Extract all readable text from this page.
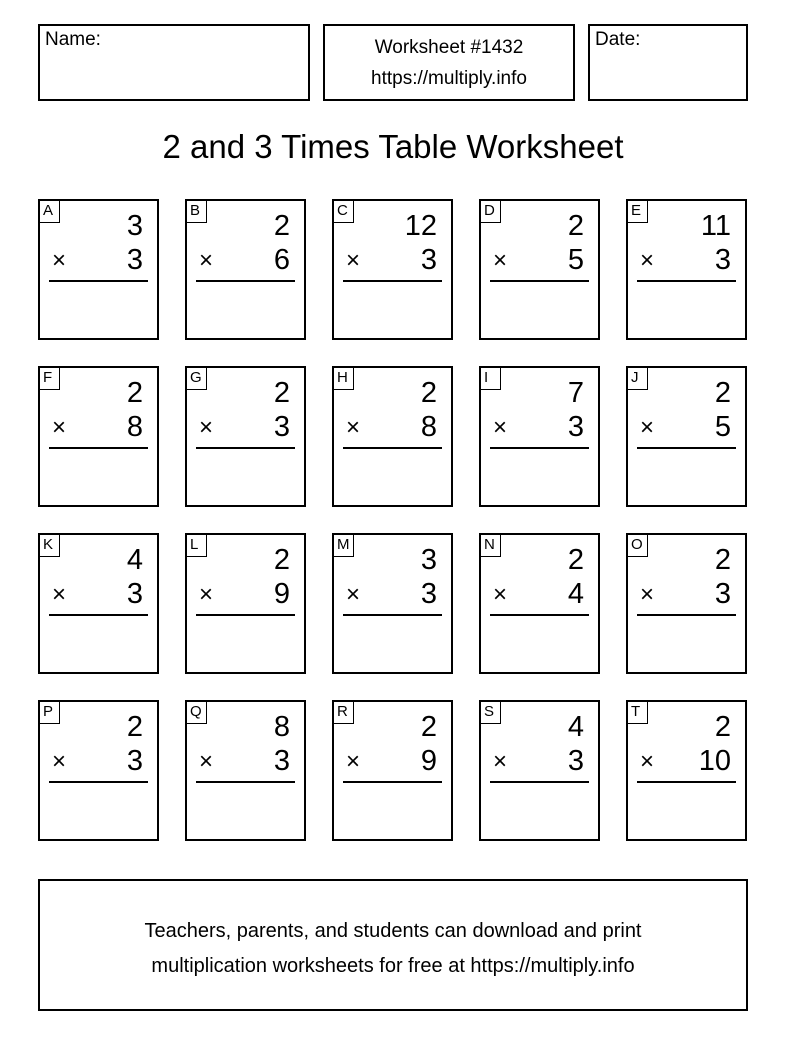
Name:	Worksheet #1432
https://multiply.info
Date:
2 and 3 Times Table Worksheet
A	3
× 3
B	2
× 6
C 12
× 3
D	2
× 5
E 11
× 3
F	2
× 8
G 2
× 3
H	2
× 8
I	7
× 3
J	2
× 5
K	4
× 3
L	2
× 9
M 3
× 3
N	2
× 4
O 2
× 3
P	2
× 3
Q 8
× 3
R	2
× 9
S	4
× 3
T	2
× 10
Teachers, parents, and students can download and print
multiplication worksheets for free at https://multiply.info
